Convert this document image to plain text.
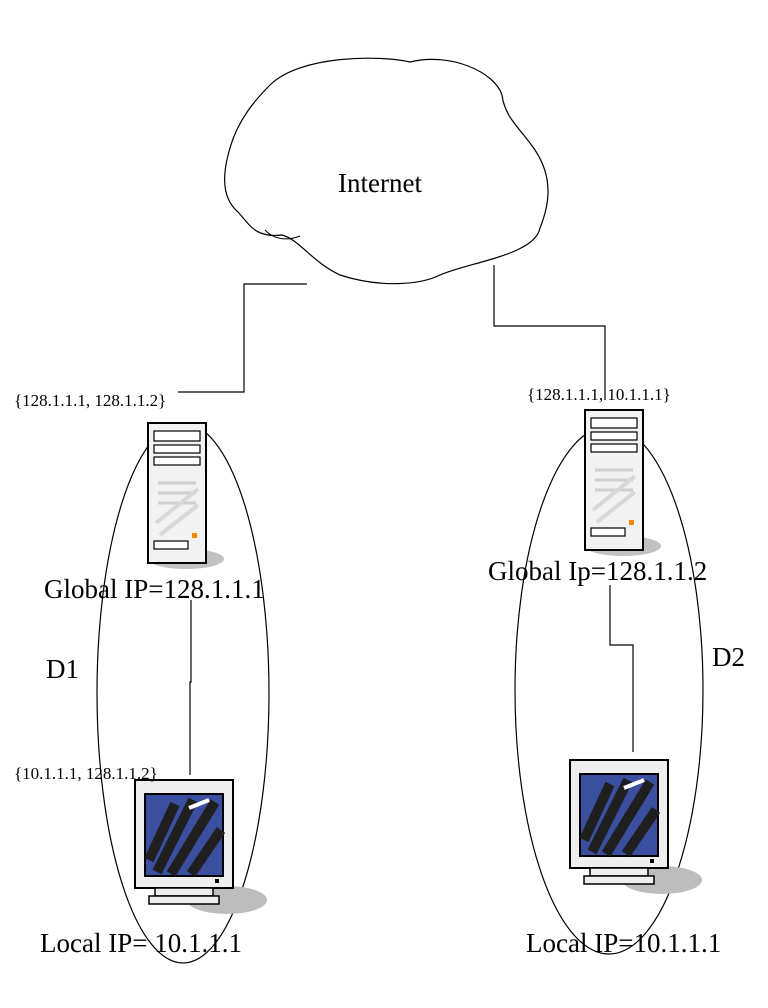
Internet
{128.1.1.1, 128.1.1.2}
Global IP=128.1.1.1
D1
{10.1.1.1, 128.1.1.2}
Local IP= 10.1.1.1
{128.1.1.1, 10.1.1.1}
Global Ip=128.1.1.2
D2
Local IP=10.1.1.1
